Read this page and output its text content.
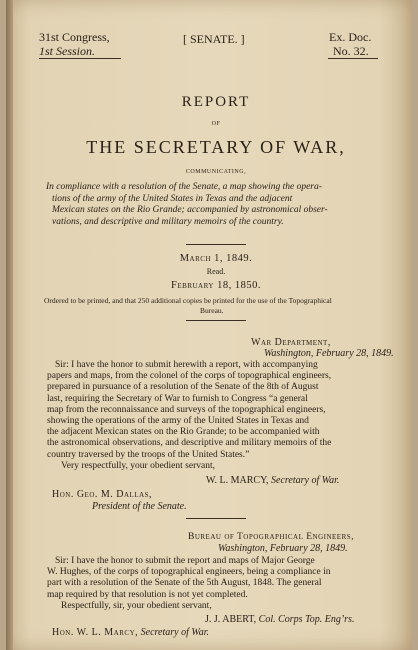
31st Congress,
1st Session.
[ SENATE. ]	Ex. Doc.
No. 32.
REPORT
OF
THE SECRETARY OF WAR,
COMMUNICATING,
In compliance with a resolution of the Senate, a map showing the opera-
tions of the army of the United States in Texas and the adjacent
Mexican states on the Rio Grande; accompanied by astronomical obser-
vations, and descriptive and military memoirs of the country.
March 1, 1849.
Read.
February 18, 1850.
Ordered to be printed, and that 250 additional copies be printed for the use of the Topographical
Bureau.
War Department,
Washington, February 28, 1849.
Sir: I have the honor to submit herewith a report, with accompanying
papers and maps, from the colonel of the corps of topographical engineers,
prepared in pursuance of a resolution of the Senate of the 8th of August
last, requiring the Secretary of War to furnish to Congress “a general
map from the reconnaissance and surveys of the topographical engineers,
showing the operations of the army of the United States in Texas and
the adjacent Mexican states on the Rio Grande; to be accompanied with
the astronomical observations, and descriptive and military memoirs of the
country traversed by the troops of the United States.”
Very respectfully, your obedient servant,
W. L. MARCY, Secretary of War.
Hon. Geo. M. Dallas,
President of the Senate.
Bureau of Topographical Engineers,
Washington, February 28, 1849.
Sir: I have the honor to submit the report and maps of Major George
W. Hughes, of the corps of topographical engineers, being a compliance in
part with a resolution of the Senate of the 5th August, 1848. The general
map required by that resolution is not yet completed.
Respectfully, sir, your obedient servant,
J. J. ABERT, Col. Corps Top. Eng’rs.
Hon. W. L. Marcy, Secretary of War.
